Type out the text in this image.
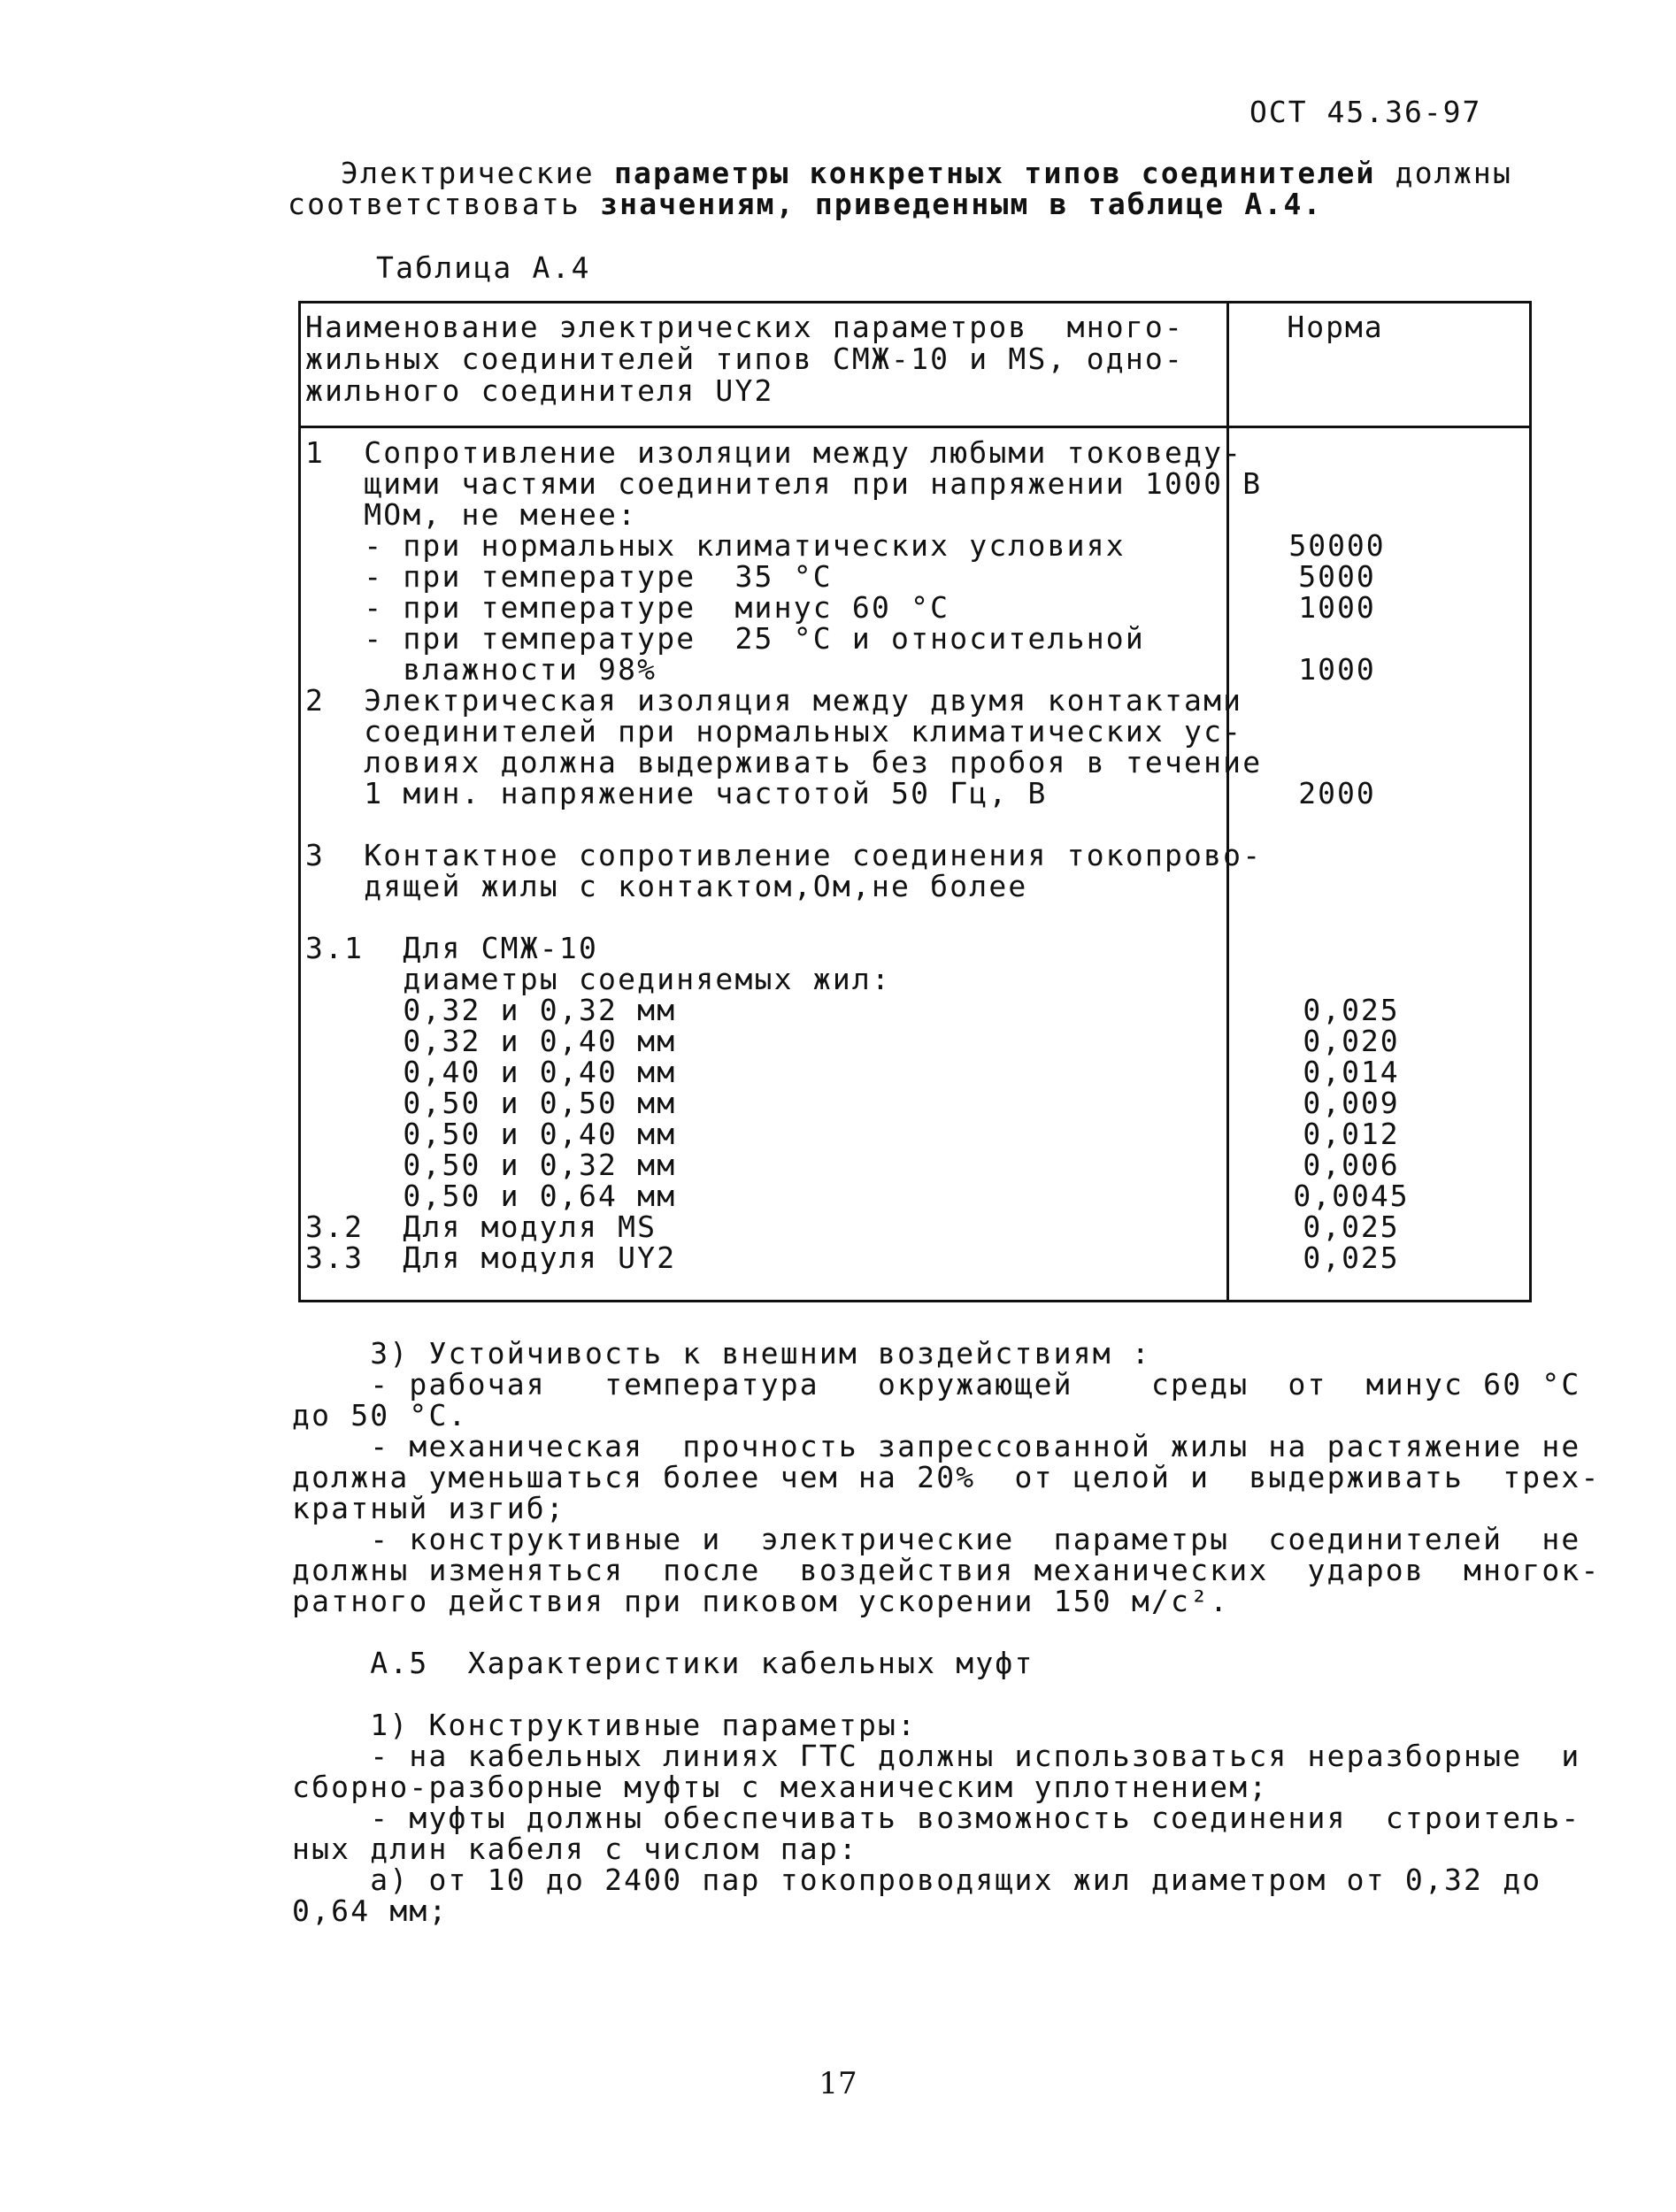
ОСТ 45.36-97
Электрические параметры конкретных типов соединителей должны
соответствовать значениям, приведенным в таблице А.4.
Таблица А.4
Наименование электрических параметров  много-
жильных соединителей типов СМЖ-10 и MS, одно-
жильного соединителя UY2
Норма
1  Сопротивление изоляции между любыми токоведу-
щими частями соединителя при напряжении 1000 В
МОм, не менее:
- при нормальных климатических условиях
- при температуре  35 °С
- при температуре  минус 60 °С
- при температуре  25 °С и относительной
влажности 98%
2  Электрическая изоляция между двумя контактами
соединителей при нормальных климатических ус-
ловиях должна выдерживать без пробоя в течение
1 мин. напряжение частотой 50 Гц, В
3  Контактное сопротивление соединения токопрово-
дящей жилы с контактом,Ом,не более
3.1  Для СМЖ-10
диаметры соединяемых жил:
0,32 и 0,32 мм
0,32 и 0,40 мм
0,40 и 0,40 мм
0,50 и 0,50 мм
0,50 и 0,40 мм
0,50 и 0,32 мм
0,50 и 0,64 мм
3.2  Для модуля MS
3.3  Для модуля UY2
50000
5000
1000
1000
2000
0,025
0,020
0,014
0,009
0,012
0,006
0,0045
0,025
0,025
3) Устойчивость к внешним воздействиям :
- рабочая   температура   окружающей    среды  от  минус 60 °С
до 50 °С.
- механическая  прочность запрессованной жилы на растяжение не
должна уменьшаться более чем на 20%  от целой и  выдерживать  трех-
кратный изгиб;
- конструктивные и  электрические  параметры  соединителей  не
должны изменяться  после  воздействия механических  ударов  многок-
ратного действия при пиковом ускорении 150 м/с².
А.5  Характеристики кабельных муфт
1) Конструктивные параметры:
- на кабельных линиях ГТС должны использоваться неразборные  и
сборно-разборные муфты с механическим уплотнением;
- муфты должны обеспечивать возможность соединения  строитель-
ных длин кабеля с числом пар:
а) от 10 до 2400 пар токопроводящих жил диаметром от 0,32 до
0,64 мм;
17
